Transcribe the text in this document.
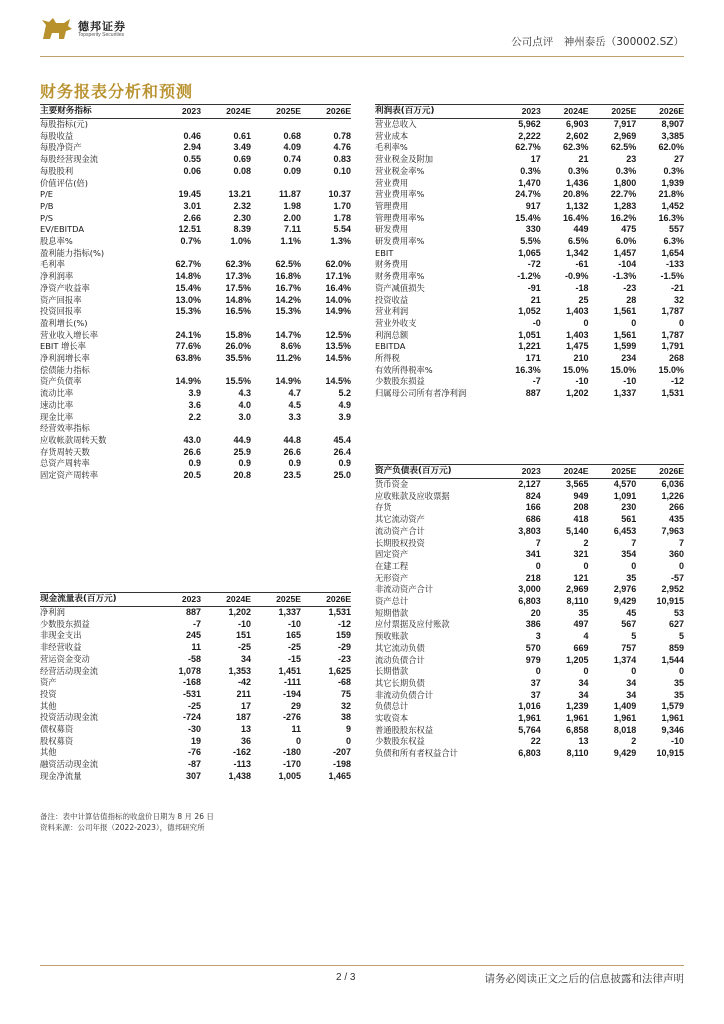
德邦证券
Topsperity Securities
公司点评　神州泰岳（300002.SZ）
财务报表分析和预测
主要财务指标	2023	2024E	2025E	2026E
每股指标(元)				
每股收益	0.46	0.61	0.68	0.78
每股净资产	2.94	3.49	4.09	4.76
每股经营现金流	0.55	0.69	0.74	0.83
每股股利	0.06	0.08	0.09	0.10
价值评估(倍)				
P/E	19.45	13.21	11.87	10.37
P/B	3.01	2.32	1.98	1.70
P/S	2.66	2.30	2.00	1.78
EV/EBITDA	12.51	8.39	7.11	5.54
股息率%	0.7%	1.0%	1.1%	1.3%
盈利能力指标(%)				
毛利率	62.7%	62.3%	62.5%	62.0%
净利润率	14.8%	17.3%	16.8%	17.1%
净资产收益率	15.4%	17.5%	16.7%	16.4%
资产回报率	13.0%	14.8%	14.2%	14.0%
投资回报率	15.3%	16.5%	15.3%	14.9%
盈利增长(%)				
营业收入增长率	24.1%	15.8%	14.7%	12.5%
EBIT 增长率	77.6%	26.0%	8.6%	13.5%
净利润增长率	63.8%	35.5%	11.2%	14.5%
偿债能力指标				
资产负债率	14.9%	15.5%	14.9%	14.5%
流动比率	3.9	4.3	4.7	5.2
速动比率	3.6	4.0	4.5	4.9
现金比率	2.2	3.0	3.3	3.9
经营效率指标				
应收帐款周转天数	43.0	44.9	44.8	45.4
存货周转天数	26.6	25.9	26.6	26.4
总资产周转率	0.9	0.9	0.9	0.9
固定资产周转率	20.5	20.8	23.5	25.0
利润表(百万元)	2023	2024E	2025E	2026E
营业总收入	5,962	6,903	7,917	8,907
营业成本	2,222	2,602	2,969	3,385
毛利率%	62.7%	62.3%	62.5%	62.0%
营业税金及附加	17	21	23	27
营业税金率%	0.3%	0.3%	0.3%	0.3%
营业费用	1,470	1,436	1,800	1,939
营业费用率%	24.7%	20.8%	22.7%	21.8%
管理费用	917	1,132	1,283	1,452
管理费用率%	15.4%	16.4%	16.2%	16.3%
研发费用	330	449	475	557
研发费用率%	5.5%	6.5%	6.0%	6.3%
EBIT	1,065	1,342	1,457	1,654
财务费用	-72	-61	-104	-133
财务费用率%	-1.2%	-0.9%	-1.3%	-1.5%
资产减值损失	-91	-18	-23	-21
投资收益	21	25	28	32
营业利润	1,052	1,403	1,561	1,787
营业外收支	-0	0	0	0
利润总额	1,051	1,403	1,561	1,787
EBITDA	1,221	1,475	1,599	1,791
所得税	171	210	234	268
有效所得税率%	16.3%	15.0%	15.0%	15.0%
少数股东损益	-7	-10	-10	-12
归属母公司所有者净利润	887	1,202	1,337	1,531
资产负债表(百万元)	2023	2024E	2025E	2026E
货币资金	2,127	3,565	4,570	6,036
应收账款及应收票据	824	949	1,091	1,226
存货	166	208	230	266
其它流动资产	686	418	561	435
流动资产合计	3,803	5,140	6,453	7,963
长期股权投资	7	2	7	7
固定资产	341	321	354	360
在建工程	0	0	0	0
无形资产	218	121	35	-57
非流动资产合计	3,000	2,969	2,976	2,952
资产总计	6,803	8,110	9,429	10,915
短期借款	20	35	45	53
应付票据及应付账款	386	497	567	627
预收账款	3	4	5	5
其它流动负债	570	669	757	859
流动负债合计	979	1,205	1,374	1,544
长期借款	0	0	0	0
其它长期负债	37	34	34	35
非流动负债合计	37	34	34	35
负债总计	1,016	1,239	1,409	1,579
实收资本	1,961	1,961	1,961	1,961
普通股股东权益	5,764	6,858	8,018	9,346
少数股东权益	22	13	2	-10
负债和所有者权益合计	6,803	8,110	9,429	10,915
现金流量表(百万元)	2023	2024E	2025E	2026E
净利润	887	1,202	1,337	1,531
少数股东损益	-7	-10	-10	-12
非现金支出	245	151	165	159
非经营收益	11	-25	-25	-29
营运资金变动	-58	34	-15	-23
经营活动现金流	1,078	1,353	1,451	1,625
资产	-168	-42	-111	-68
投资	-531	211	-194	75
其他	-25	17	29	32
投资活动现金流	-724	187	-276	38
债权募资	-30	13	11	9
股权募资	19	36	0	0
其他	-76	-162	-180	-207
融资活动现金流	-87	-113	-170	-198
现金净流量	307	1,438	1,005	1,465
备注：表中计算估值指标的收盘价日期为 8 月 26 日
资料来源：公司年报（2022-2023），德邦研究所
2 / 3	请务必阅读正文之后的信息披露和法律声明
